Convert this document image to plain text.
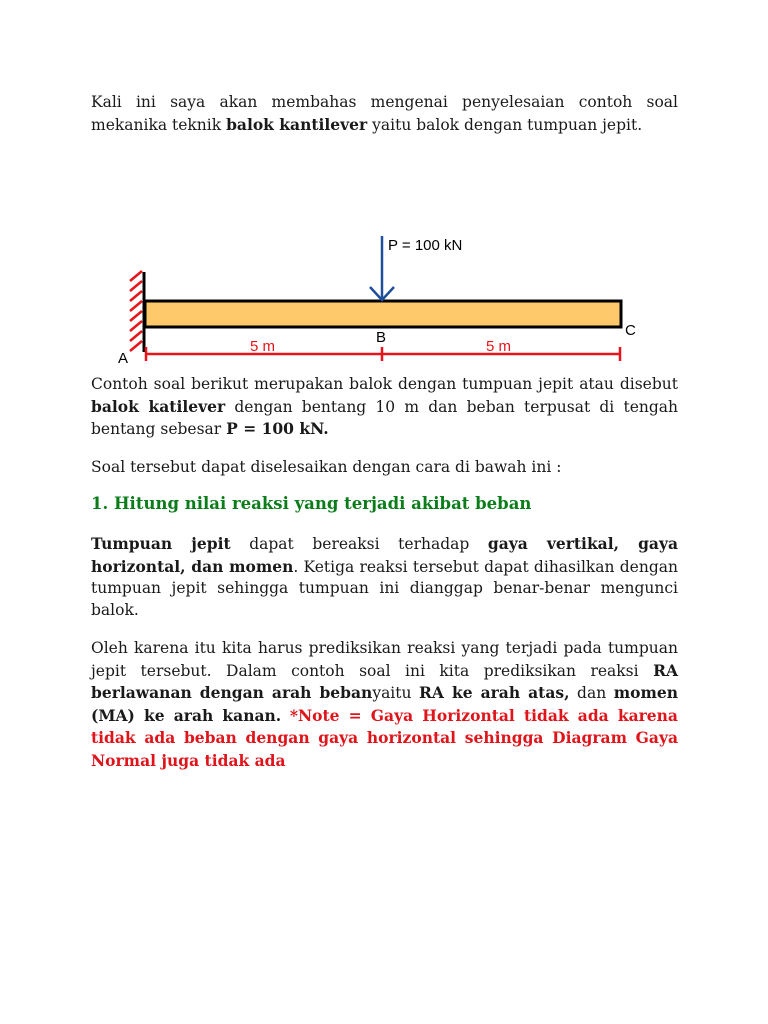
Kali ini saya akan membahas mengenai penyelesaian contoh soal mekanika teknik balok kantilever yaitu balok dengan tumpuan jepit.

P = 100 kN
A
B	C
5 m	5 m

Contoh soal berikut merupakan balok dengan tumpuan jepit atau disebut balok katilever dengan bentang 10 m dan beban terpusat di tengah bentang sebesar P = 100 kN.

Soal tersebut dapat diselesaikan dengan cara di bawah ini :

1. Hitung nilai reaksi yang terjadi akibat beban

Tumpuan jepit dapat bereaksi terhadap gaya vertikal, gaya horizontal, dan momen. Ketiga reaksi tersebut dapat dihasilkan dengan tumpuan jepit sehingga tumpuan ini dianggap benar-benar mengunci balok.

Oleh karena itu kita harus prediksikan reaksi yang terjadi pada tumpuan jepit tersebut. Dalam contoh soal ini kita prediksikan reaksi RA berlawanan dengan arah bebanyaitu RA ke arah atas, dan momen (MA) ke arah kanan. *Note = Gaya Horizontal tidak ada karena tidak ada beban dengan gaya horizontal sehingga Diagram Gaya Normal juga tidak ada
